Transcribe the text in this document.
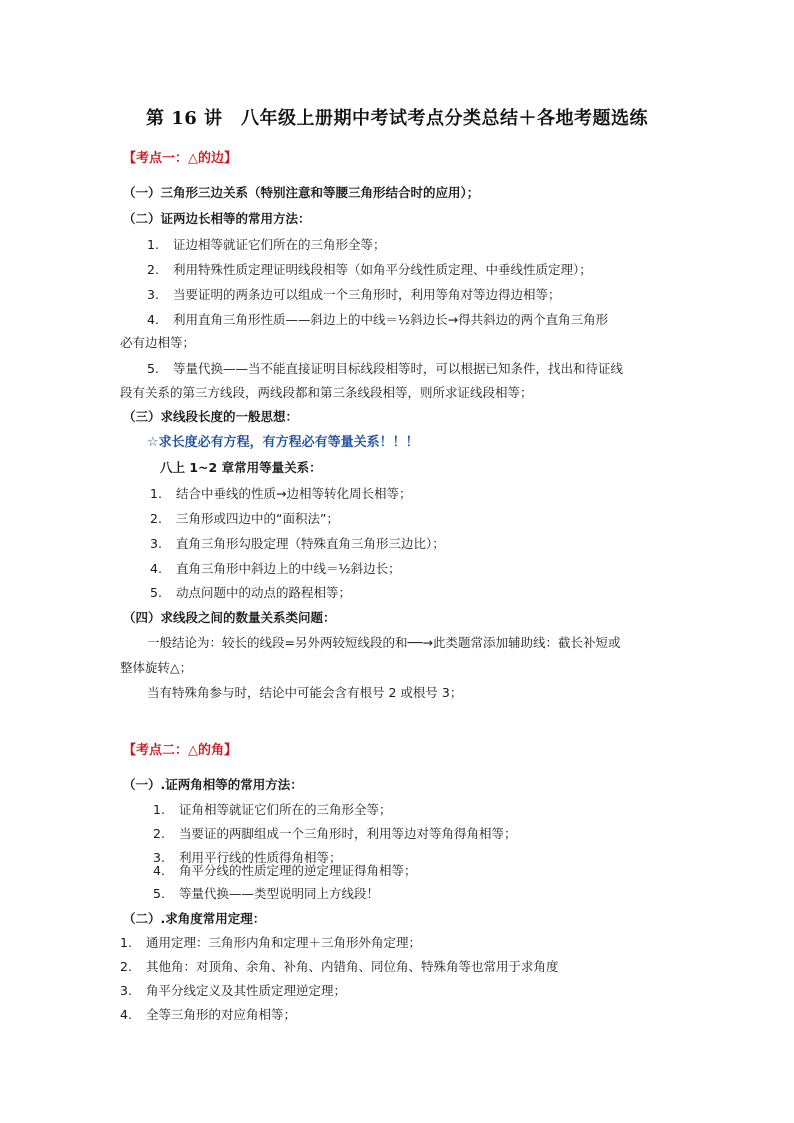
第 16 讲　八年级上册期中考试考点分类总结＋各地考题选练
【考点一：△的边】
（一）三角形三边关系（特别注意和等腰三角形结合时的应用）；
（二）证两边长相等的常用方法：
1. 证边相等就证它们所在的三角形全等；
2. 利用特殊性质定理证明线段相等（如角平分线性质定理、中垂线性质定理）；
3. 当要证明的两条边可以组成一个三角形时，利用等角对等边得边相等；
4. 利用直角三角形性质——斜边上的中线＝½斜边长→得共斜边的两个直角三角形
必有边相等；
5. 等量代换——当不能直接证明目标线段相等时，可以根据已知条件，找出和待证线
段有关系的第三方线段，两线段都和第三条线段相等，则所求证线段相等；
（三）求线段长度的一般思想：
☆求长度必有方程，有方程必有等量关系！！！
八上 1~2 章常用等量关系：
1. 结合中垂线的性质→边相等转化周长相等；
2. 三角形或四边中的“面积法”；
3. 直角三角形勾股定理（特殊直角三角形三边比）；
4. 直角三角形中斜边上的中线＝½斜边长；
5. 动点问题中的动点的路程相等；
（四）求线段之间的数量关系类问题：
一般结论为：较长的线段=另外两较短线段的和──→此类题常添加辅助线：截长补短或
整体旋转△；
当有特殊角参与时，结论中可能会含有根号 2 或根号 3；
【考点二：△的角】
（一）.证两角相等的常用方法：
1. 证角相等就证它们所在的三角形全等；
2. 当要证的两脚组成一个三角形时，利用等边对等角得角相等；
3. 利用平行线的性质得角相等；
4. 角平分线的性质定理的逆定理证得角相等；
5. 等量代换——类型说明同上方线段！
（二）.求角度常用定理：
1. 通用定理：三角形内角和定理＋三角形外角定理；
2. 其他角：对顶角、余角、补角、内错角、同位角、特殊角等也常用于求角度
3. 角平分线定义及其性质定理逆定理；
4. 全等三角形的对应角相等；
